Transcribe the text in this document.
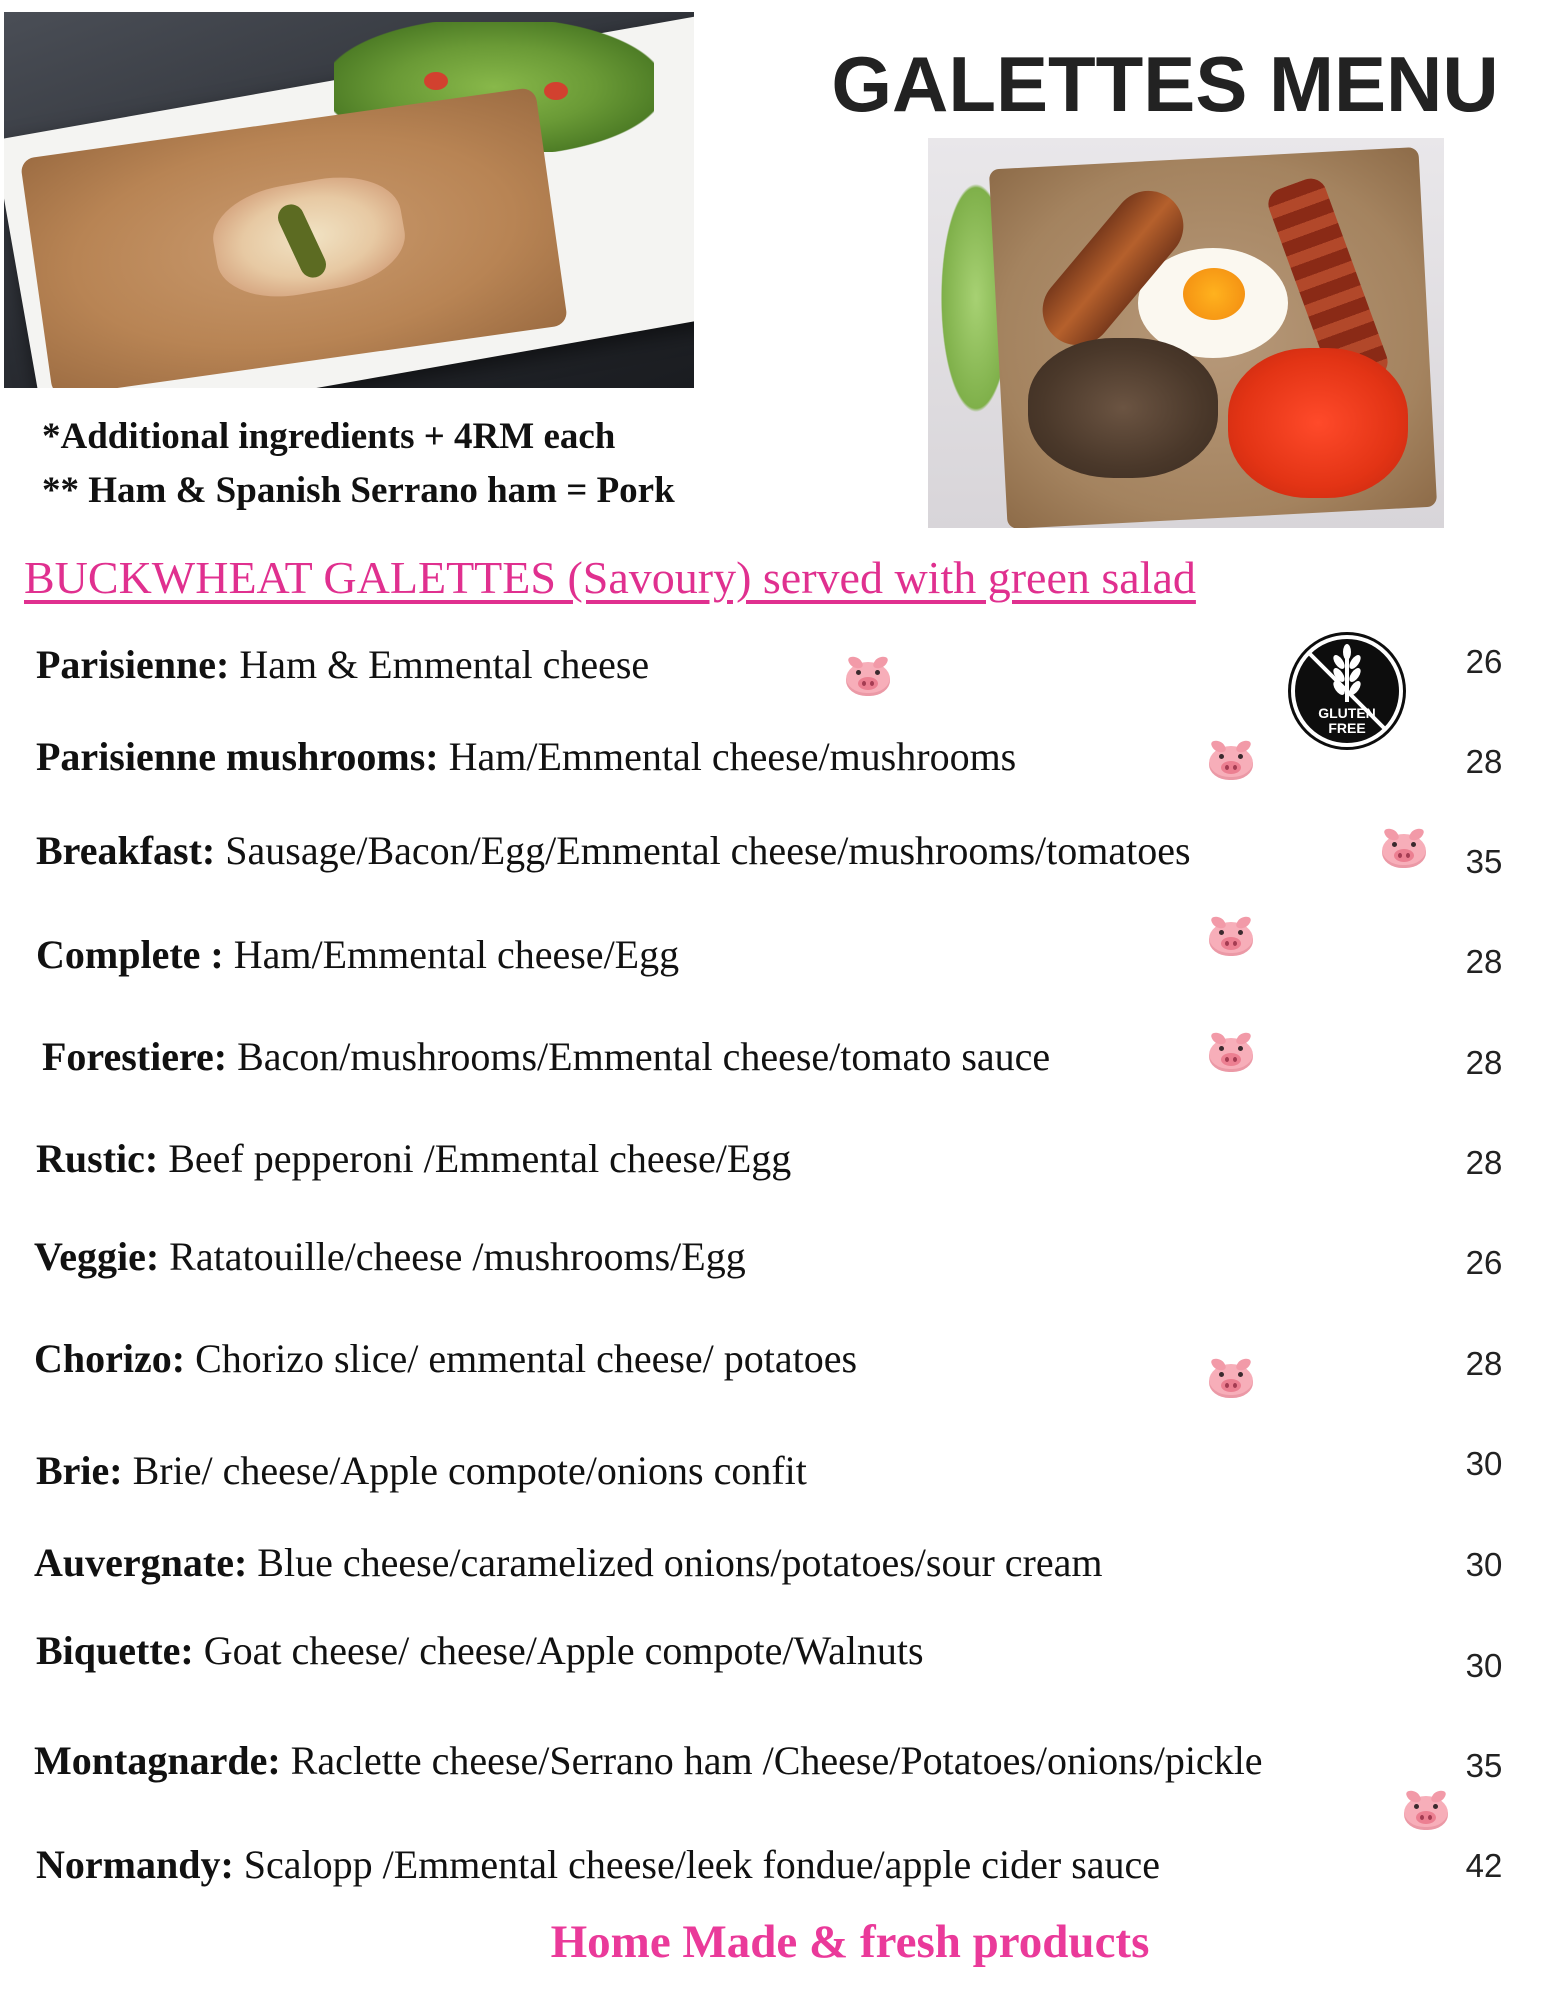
GALETTES MENU
*Additional ingredients + 4RM each
** Ham & Spanish Serrano ham = Pork
BUCKWHEAT GALETTES (Savoury) served with green salad
GLUTEN
FREE
Parisienne: Ham & Emmental cheese	26
Parisienne mushrooms: Ham/Emmental cheese/mushrooms	28
Breakfast: Sausage/Bacon/Egg/Emmental cheese/mushrooms/tomatoes	35
Complete : Ham/Emmental cheese/Egg	28
Forestiere: Bacon/mushrooms/Emmental cheese/tomato sauce	28
Rustic: Beef pepperoni /Emmental cheese/Egg	28
Veggie: Ratatouille/cheese /mushrooms/Egg	26
Chorizo: Chorizo slice/ emmental cheese/ potatoes	28
Brie: Brie/ cheese/Apple compote/onions confit	30
Auvergnate: Blue cheese/caramelized onions/potatoes/sour cream	30
Biquette: Goat cheese/ cheese/Apple compote/Walnuts	30
Montagnarde: Raclette cheese/Serrano ham /Cheese/Potatoes/onions/pickle	35
Normandy: Scalopp /Emmental cheese/leek fondue/apple cider sauce	42
Home Made & fresh products
